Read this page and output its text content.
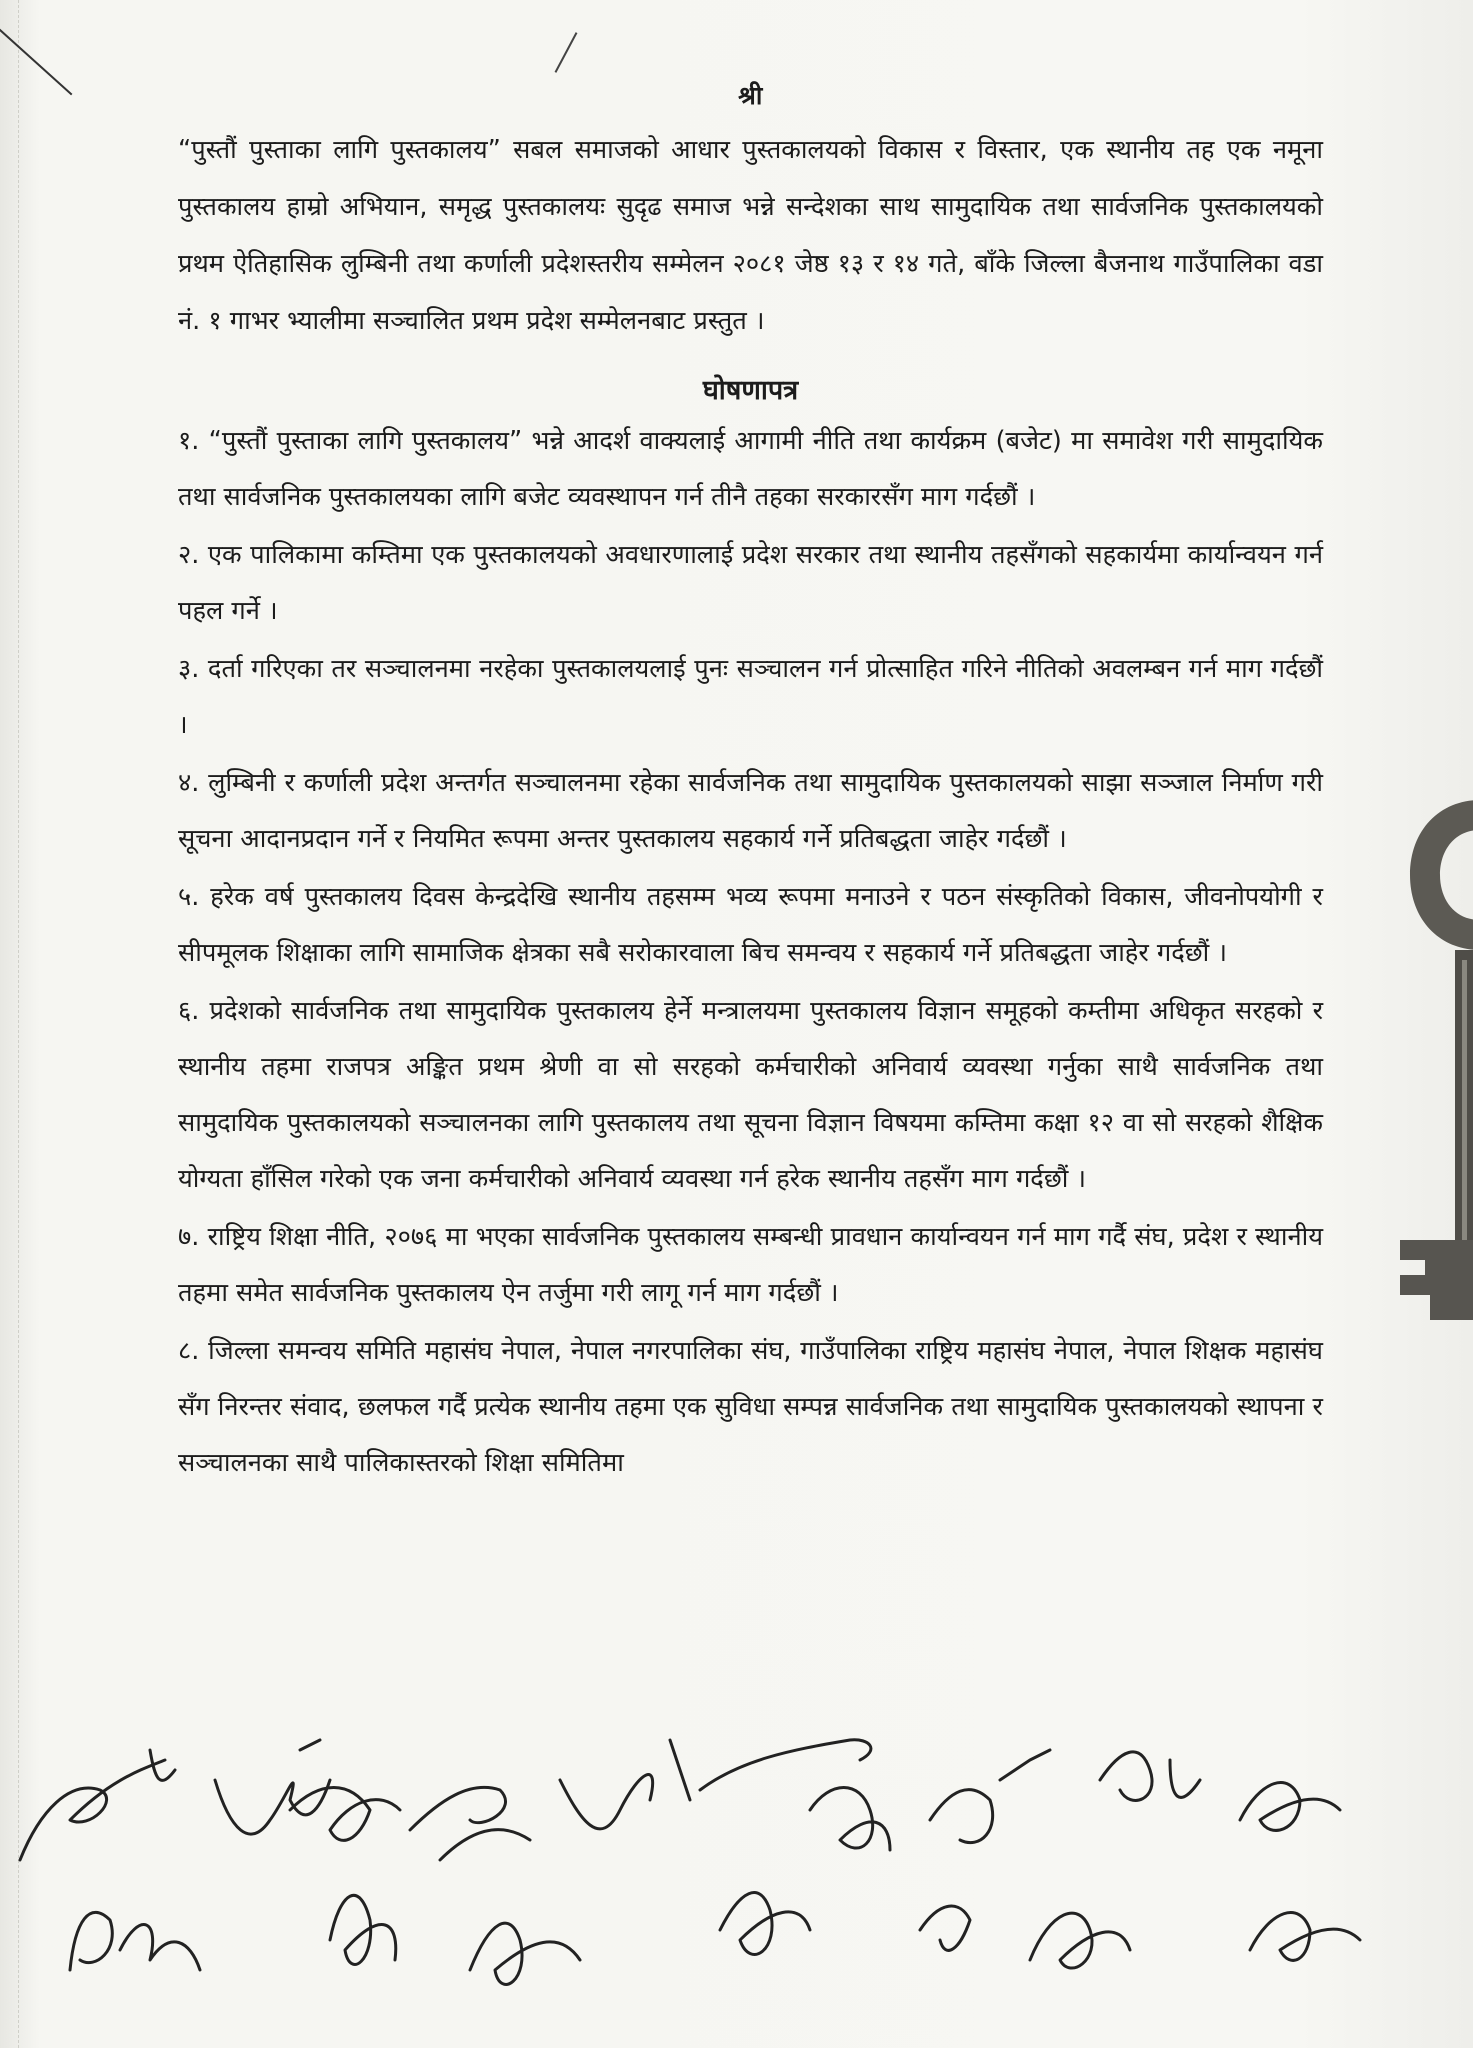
श्री

“पुस्तौं पुस्ताका लागि पुस्तकालय” सबल समाजको आधार पुस्तकालयको विकास र विस्तार, एक स्थानीय तह एक नमूना पुस्तकालय हाम्रो अभियान, समृद्ध पुस्तकालयः सुदृढ समाज भन्ने सन्देशका साथ सामुदायिक तथा सार्वजनिक पुस्तकालयको प्रथम ऐतिहासिक लुम्बिनी तथा कर्णाली प्रदेशस्तरीय सम्मेलन २०८१ जेष्ठ १३ र १४ गते, बाँके जिल्ला बैजनाथ गाउँपालिका वडा नं. १ गाभर भ्यालीमा सञ्चालित प्रथम प्रदेश सम्मेलनबाट प्रस्तुत ।

घोषणापत्र

१. “पुस्तौं पुस्ताका लागि पुस्तकालय” भन्ने आदर्श वाक्यलाई आगामी नीति तथा कार्यक्रम (बजेट) मा समावेश गरी सामुदायिक तथा सार्वजनिक पुस्तकालयका लागि बजेट व्यवस्थापन गर्न तीनै तहका सरकारसँग माग गर्दछौं ।

२. एक पालिकामा कम्तिमा एक पुस्तकालयको अवधारणालाई प्रदेश सरकार तथा स्थानीय तहसँगको सहकार्यमा कार्यान्वयन गर्न पहल गर्ने ।

३. दर्ता गरिएका तर सञ्चालनमा नरहेका पुस्तकालयलाई पुनः सञ्चालन गर्न प्रोत्साहित गरिने नीतिको अवलम्बन गर्न माग गर्दछौं ।

४. लुम्बिनी र कर्णाली प्रदेश अन्तर्गत सञ्चालनमा रहेका सार्वजनिक तथा सामुदायिक पुस्तकालयको साझा सञ्जाल निर्माण गरी सूचना आदानप्रदान गर्ने र नियमित रूपमा अन्तर पुस्तकालय सहकार्य गर्ने प्रतिबद्धता जाहेर गर्दछौं ।

५. हरेक वर्ष पुस्तकालय दिवस केन्द्रदेखि स्थानीय तहसम्म भव्य रूपमा मनाउने र पठन संस्कृतिको विकास, जीवनोपयोगी र सीपमूलक शिक्षाका लागि सामाजिक क्षेत्रका सबै सरोकारवाला बिच समन्वय र सहकार्य गर्ने प्रतिबद्धता जाहेर गर्दछौं ।

६. प्रदेशको सार्वजनिक तथा सामुदायिक पुस्तकालय हेर्ने मन्त्रालयमा पुस्तकालय विज्ञान समूहको कम्तीमा अधिकृत सरहको र स्थानीय तहमा राजपत्र अङ्कित प्रथम श्रेणी वा सो सरहको कर्मचारीको अनिवार्य व्यवस्था गर्नुका साथै सार्वजनिक तथा सामुदायिक पुस्तकालयको सञ्चालनका लागि पुस्तकालय तथा सूचना विज्ञान विषयमा कम्तिमा कक्षा १२ वा सो सरहको शैक्षिक योग्यता हाँसिल गरेको एक जना कर्मचारीको अनिवार्य व्यवस्था गर्न हरेक स्थानीय तहसँग माग गर्दछौं ।

७. राष्ट्रिय शिक्षा नीति, २०७६ मा भएका सार्वजनिक पुस्तकालय सम्बन्धी प्रावधान कार्यान्वयन गर्न माग गर्दै संघ, प्रदेश र स्थानीय तहमा समेत सार्वजनिक पुस्तकालय ऐन तर्जुमा गरी लागू गर्न माग गर्दछौं ।

८. जिल्ला समन्वय समिति महासंघ नेपाल, नेपाल नगरपालिका संघ, गाउँपालिका राष्ट्रिय महासंघ नेपाल, नेपाल शिक्षक महासंघ सँग निरन्तर संवाद, छलफल गर्दै प्रत्येक स्थानीय तहमा एक सुविधा सम्पन्न सार्वजनिक तथा सामुदायिक पुस्तकालयको स्थापना र सञ्चालनका साथै पालिकास्तरको शिक्षा समितिमा
